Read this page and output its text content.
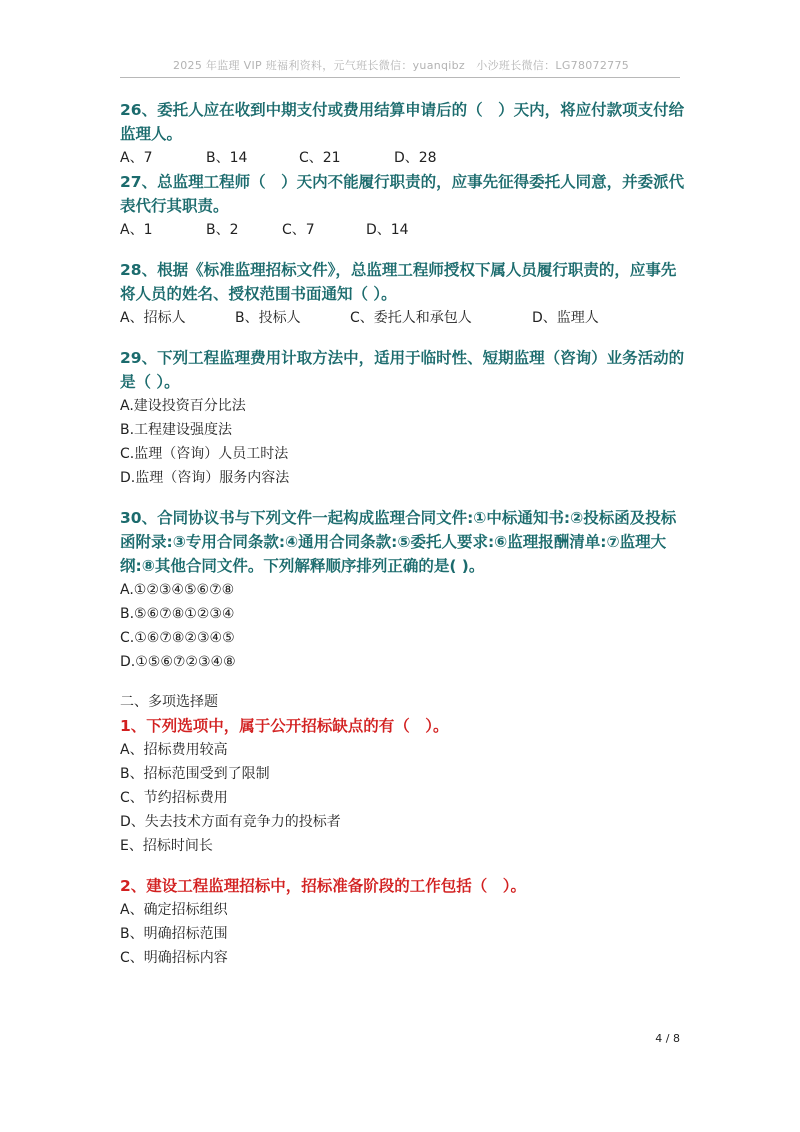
2025 年监理 VIP 班福利资料，元气班长微信：yuanqibz　小沙班长微信：LG78072775

26、委托人应在收到中期支付或费用结算申请后的（　）天内，将应付款项支付给监理人。

A、7	B、14	C、21	D、28

27、总监理工程师（　）天内不能履行职责的，应事先征得委托人同意，并委派代表代行其职责。

A、1	B、2	C、7	D、14

28、根据《标准监理招标文件》，总监理工程师授权下属人员履行职责的，应事先将人员的姓名、授权范围书面通知（ ）。

A、招标人	B、投标人	C、委托人和承包人	D、监理人

29、下列工程监理费用计取方法中，适用于临时性、短期监理（咨询）业务活动的是（ ）。

A.建设投资百分比法

B.工程建设强度法

C.监理（咨询）人员工时法

D.监理（咨询）服务内容法

30、合同协议书与下列文件一起构成监理合同文件:①中标通知书:②投标函及投标函附录:③专用合同条款:④通用合同条款:⑤委托人要求:⑥监理报酬清单:⑦监理大纲:⑧其他合同文件。下列解释顺序排列正确的是( )。

A.①②③④⑤⑥⑦⑧

B.⑤⑥⑦⑧①②③④

C.①⑥⑦⑧②③④⑤

D.①⑤⑥⑦②③④⑧

二、多项选择题

1、下列选项中，属于公开招标缺点的有（　）。

A、招标费用较高

B、招标范围受到了限制

C、节约招标费用

D、失去技术方面有竞争力的投标者

E、招标时间长

2、建设工程监理招标中，招标准备阶段的工作包括（　）。

A、确定招标组织

B、明确招标范围

C、明确招标内容

4 / 8
